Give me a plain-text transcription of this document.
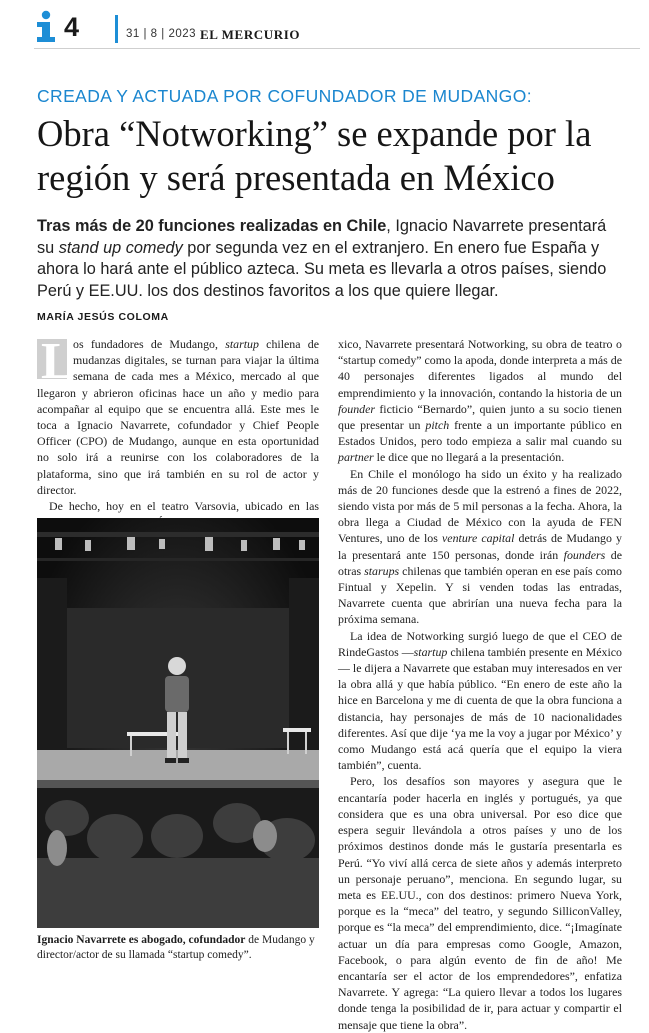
4	31 | 8 | 2023 EL MERCURIO
CREADA Y ACTUADA POR COFUNDADOR DE MUDANGO:
Obra “Notworking” se expande por la región y será presentada en México
Tras más de 20 funciones realizadas en Chile, Ignacio Navarrete presentará su stand up comedy por segunda vez en el extranjero. En enero fue España y ahora lo hará ante el público azteca. Su meta es llevarla a otros países, siendo Perú y EE.UU. los dos destinos favoritos a los que quiere llegar.
MARÍA JESÚS COLOMA

L
os fundadores de Mudango, startup chilena de mudanzas digitales, se turnan para viajar la última semana de cada mes a México, mercado al que llegaron y abrieron oficinas hace un año y medio para acompañar al equipo que se encuentra allá. Este mes le toca a Ignacio Navarrete, cofundador y Chief People Officer (CPO) de Mudango, aunque en esta oportunidad no solo irá a reunirse con los colaboradores de la plataforma, sino que irá también en su rol de actor y director.

De hecho, hoy en el teatro Varsovia, ubicado en las

Ignacio Navarrete es abogado, cofundador de Mudango y director/actor de su llamada “startup comedy”.

xico, Navarrete presentará Notworking, su obra de teatro o “startup comedy” como la apoda, donde interpreta a más de 40 personajes diferentes ligados al mundo del emprendimiento y la innovación, contando la historia de un founder ficticio “Bernardo”, quien junto a su socio tienen que presentar un pitch frente a un importante público en Estados Unidos, pero todo empieza a salir mal cuando su partner le dice que no llegará a la presentación.

En Chile el monólogo ha sido un éxito y ha realizado más de 20 funciones desde que la estrenó a fines de 2022, siendo vista por más de 5 mil personas a la fecha. Ahora, la obra llega a Ciudad de México con la ayuda de FEN Ventures, uno de los venture capital detrás de Mudango y la presentará ante 150 personas, donde irán founders de otras starups chilenas que también operan en ese país como Fintual y Xepelin. Y si venden todas las entradas, Navarrete cuenta que abrirían una nueva fecha para la próxima semana.

La idea de Notworking surgió luego de que el CEO de RindeGastos —startup chilena también presente en México— le dijera a Navarrete que estaban muy interesados en ver la obra allá y que había público. “En enero de este año la hice en Barcelona y me di cuenta de que la obra funciona a distancia, hay personajes de más de 10 nacionalidades diferentes. Así que dije ‘ya me la voy a jugar por México’ y como Mudango está acá quería que el equipo la viera también”, cuenta.

Pero, los desafíos son mayores y asegura que le encantaría poder hacerla en inglés y portugués, ya que considera que es una obra universal. Por eso dice que espera seguir llevándola a otros países y uno de los próximos destinos donde más le gustaría presentarla es Perú. “Yo viví allá cerca de siete años y además interpreto un personaje peruano”, menciona. En segundo lugar, su meta es EE.UU., con dos destinos: primero Nueva York, porque es la “meca” del teatro, y segundo SilliconValley, porque es “la meca” del emprendimiento, dice. “¡Imagínate actuar un día para empresas como Google, Amazon, Facebook, o para algún evento de fin de año! Me encantaría ser el actor de los emprendedores”, enfatiza Navarrete. Y agrega: “La quiero llevar a todos los lugares donde tenga la posibilidad de ir, para actuar y compartir el mensaje que tiene la obra”.
